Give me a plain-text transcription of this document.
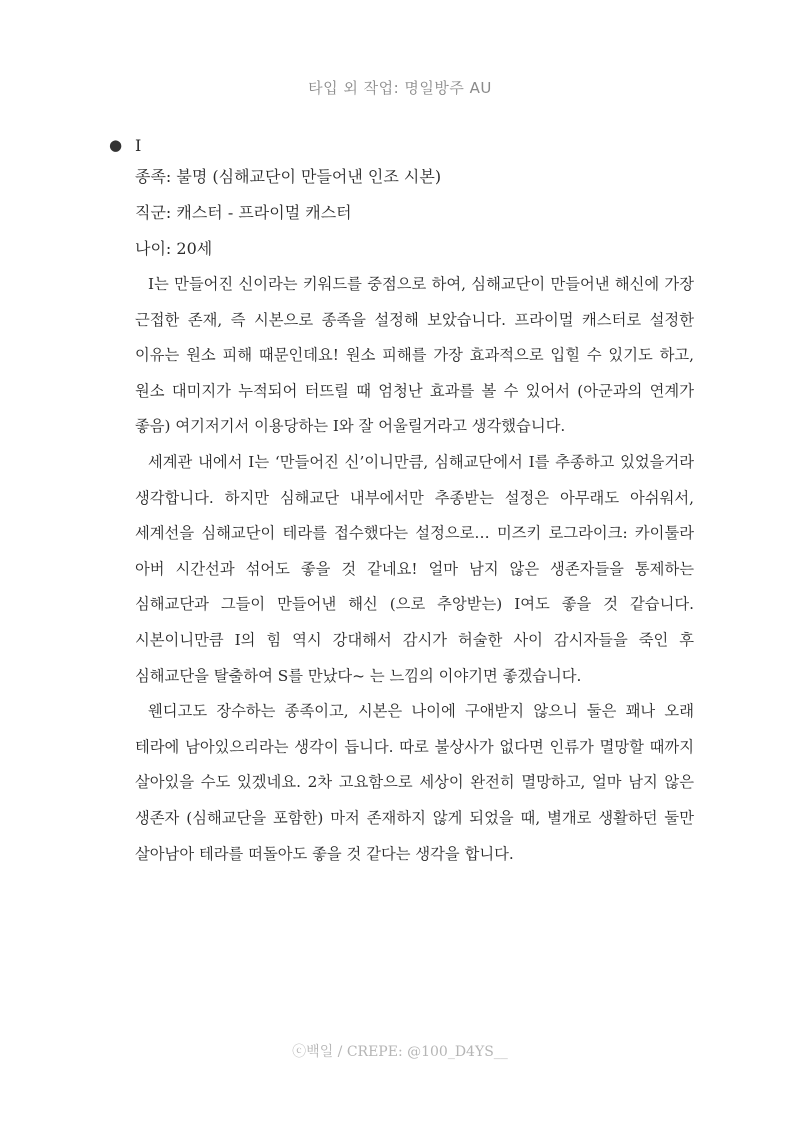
타입 외 작업: 명일방주 AU
● I
종족: 불명 (심해교단이 만들어낸 인조 시본)
직군: 캐스터 - 프라이멀 캐스터
나이: 20세

I는 만들어진 신이라는 키워드를 중점으로 하여, 심해교단이 만들어낸 해신에 가장 근접한 존재, 즉 시본으로 종족을 설정해 보았습니다. 프라이멀 캐스터로 설정한 이유는 원소 피해 때문인데요! 원소 피해를 가장 효과적으로 입힐 수 있기도 하고, 원소 대미지가 누적되어 터뜨릴 때 엄청난 효과를 볼 수 있어서 (아군과의 연계가 좋음) 여기저기서 이용당하는 I와 잘 어울릴거라고 생각했습니다.

세계관 내에서 I는 ‘만들어진 신’이니만큼, 심해교단에서 I를 추종하고 있었을거라 생각합니다. 하지만 심해교단 내부에서만 추종받는 설정은 아무래도 아쉬워서, 세계선을 심해교단이 테라를 접수했다는 설정으로… 미즈키 로그라이크: 카이툴라 아버 시간선과 섞어도 좋을 것 같네요! 얼마 남지 않은 생존자들을 통제하는 심해교단과 그들이 만들어낸 해신 (으로 추앙받는) I여도 좋을 것 같습니다. 시본이니만큼 I의 힘 역시 강대해서 감시가 허술한 사이 감시자들을 죽인 후 심해교단을 탈출하여 S를 만났다~ 는 느낌의 이야기면 좋겠습니다.

웬디고도 장수하는 종족이고, 시본은 나이에 구애받지 않으니 둘은 꽤나 오래 테라에 남아있으리라는 생각이 듭니다. 따로 불상사가 없다면 인류가 멸망할 때까지 살아있을 수도 있겠네요. 2차 고요함으로 세상이 완전히 멸망하고, 얼마 남지 않은 생존자 (심해교단을 포함한) 마저 존재하지 않게 되었을 때, 별개로 생활하던 둘만 살아남아 테라를 떠돌아도 좋을 것 같다는 생각을 합니다.

ⓒ백일 / CREPE: @100_D4YS__
